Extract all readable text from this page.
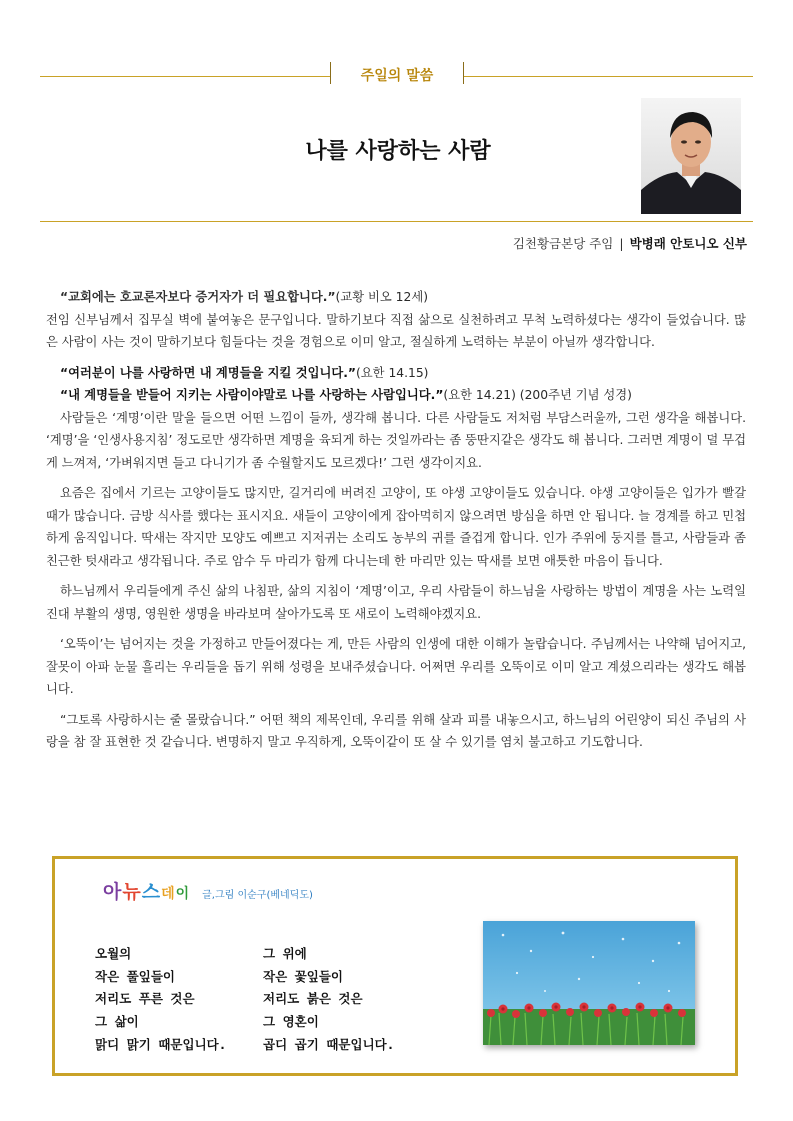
주일의 말씀
나를 사랑하는 사람
김천황금본당 주임 | 박병래 안토니오 신부

“교회에는 호교론자보다 증거자가 더 필요합니다.”(교황 비오 12세)
전임 신부님께서 집무실 벽에 붙여놓은 문구입니다. 말하기보다 직접 삶으로 실천하려고 무척 노력하셨다는 생각이 들었습니다. 많은 사람이 사는 것이 말하기보다 힘들다는 것을 경험으로 이미 알고, 절실하게 노력하는 부분이 아닐까 생각합니다.

“여러분이 나를 사랑하면 내 계명들을 지킬 것입니다.”(요한 14.15)
“내 계명들을 받들어 지키는 사람이야말로 나를 사랑하는 사람입니다.”(요한 14.21) (200주년 기념 성경)

사람들은 ‘계명’이란 말을 들으면 어떤 느낌이 들까, 생각해 봅니다. 다른 사람들도 저처럼 부담스러울까, 그런 생각을 해봅니다. ‘계명’을 ‘인생사용지침’ 정도로만 생각하면 계명을 육되게 하는 것일까라는 좀 뚱딴지같은 생각도 해 봅니다. 그러면 계명이 덜 무겁게 느껴져, ‘가벼워지면 들고 다니기가 좀 수월할지도 모르겠다!’ 그런 생각이지요.

요즘은 집에서 기르는 고양이들도 많지만, 길거리에 버려진 고양이, 또 야생 고양이들도 있습니다. 야생 고양이들은 입가가 빨갈 때가 많습니다. 금방 식사를 했다는 표시지요. 새들이 고양이에게 잡아먹히지 않으려면 방심을 하면 안 됩니다. 늘 경계를 하고 민첩하게 움직입니다. 딱새는 작지만 모양도 예쁘고 지저귀는 소리도 농부의 귀를 즐겁게 합니다. 인가 주위에 둥지를 틀고, 사람들과 좀 친근한 텃새라고 생각됩니다. 주로 암수 두 마리가 함께 다니는데 한 마리만 있는 딱새를 보면 애틋한 마음이 듭니다.

하느님께서 우리들에게 주신 삶의 나침판, 삶의 지침이 ‘계명’이고, 우리 사람들이 하느님을 사랑하는 방법이 계명을 사는 노력일진대 부활의 생명, 영원한 생명을 바라보며 살아가도록 또 새로이 노력해야겠지요.

‘오뚝이’는 넘어지는 것을 가정하고 만들어졌다는 게, 만든 사람의 인생에 대한 이해가 놀랍습니다. 주님께서는 나약해 넘어지고, 잘못이 아파 눈물 흘리는 우리들을 돕기 위해 성령을 보내주셨습니다. 어쩌면 우리를 오뚝이로 이미 알고 계셨으리라는 생각도 해봅니다.

“그토록 사랑하시는 줄 몰랐습니다.” 어떤 책의 제목인데, 우리를 위해 살과 피를 내놓으시고, 하느님의 어린양이 되신 주님의 사랑을 참 잘 표현한 것 같습니다. 변명하지 말고 우직하게, 오뚝이같이 또 살 수 있기를 염치 불고하고 기도합니다.

아뉴스데이 글,그림 이순구(베네딕도)
오월의
작은 풀잎들이
저리도 푸른 것은
그 삶이
맑디 맑기 때문입니다.
그 위에
작은 꽃잎들이
저리도 붉은 것은
그 영혼이
곱디 곱기 때문입니다.
